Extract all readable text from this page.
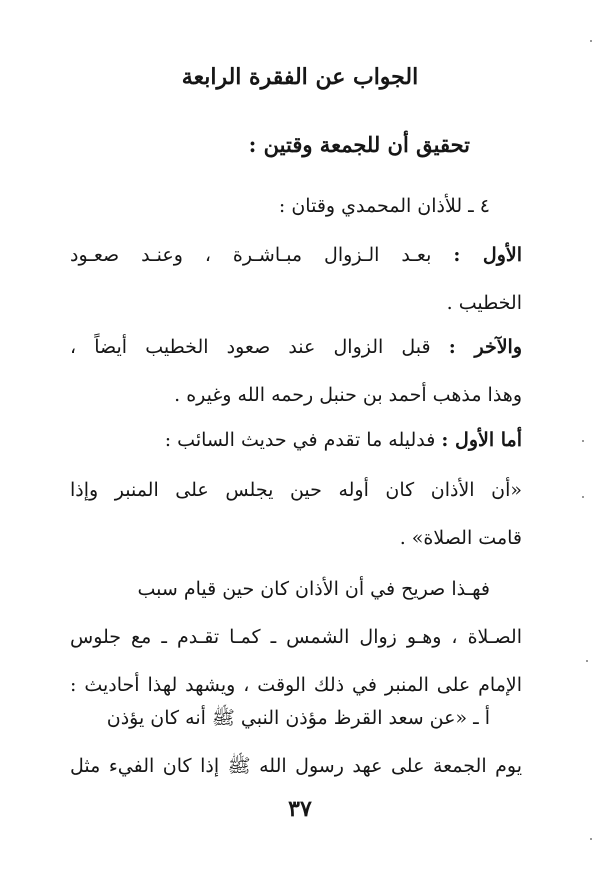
الجواب عن الفقرة الرابعة
تحقيق أن للجمعة وقتين :
٤ ـ للأذان المحمدي وقتان :
الأول : بعـد الـزوال مبـاشـرة ، وعنـد صعـود
الخطيب .
والآخر : قبل الزوال عند صعود الخطيب أيضاً ،
وهذا مذهب أحمد بن حنبل رحمه الله وغيره .
أما الأول : فدليله ما تقدم في حديث السائب :
«أن الأذان كان أوله حين يجلس على المنبر وإذا
قامت الصلاة» .
فهـذا صريح في أن الأذان كان حين قيام سبب
الصـلاة ، وهـو زوال الشمس ـ كمـا تقـدم ـ مع جلوس
الإمام على المنبر في ذلك الوقت ، ويشهد لهذا أحاديث :
أ ـ «عن سعد القرظ مؤذن النبي ﷺ أنه كان يؤذن
يوم الجمعة على عهد رسول الله ﷺ إذا كان الفيء مثل
٣٧
